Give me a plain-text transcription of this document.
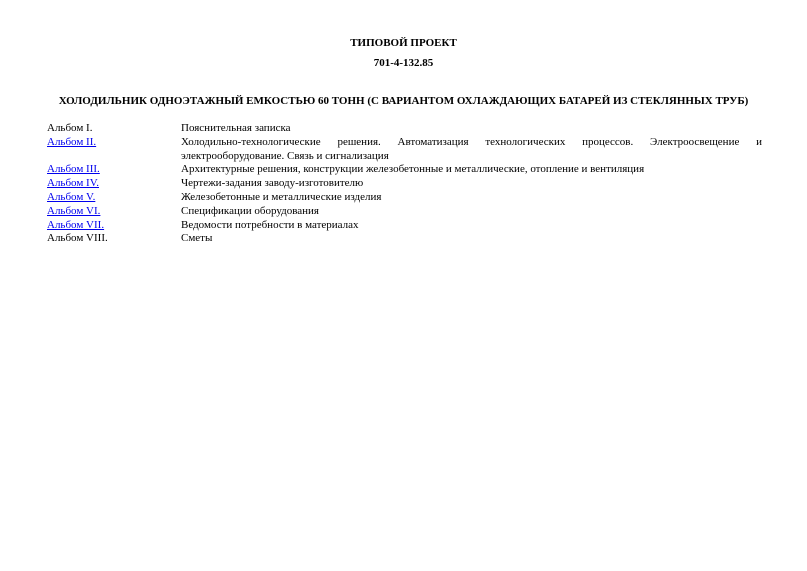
ТИПОВОЙ ПРОЕКТ
701-4-132.85
ХОЛОДИЛЬНИК ОДНОЭТАЖНЫЙ ЕМКОСТЬЮ 60 ТОНН (С ВАРИАНТОМ ОХЛАЖДАЮЩИХ БАТАРЕЙ ИЗ СТЕКЛЯННЫХ ТРУБ)
Альбом I.	Пояснительная записка
Альбом II.	Холодильно-технологические решения. Автоматизация технологических процессов. Электроосвещение и электрооборудование. Связь и сигнализация
Альбом III.	Архитектурные решения, конструкции железобетонные и металлические, отопление и вентиляция
Альбом IV.	Чертежи-задания заводу-изготовителю
Альбом V.	Железобетонные и металлические изделия
Альбом VI.	Спецификации оборудования
Альбом VII.	Ведомости потребности в материалах
Альбом VIII.	Сметы
